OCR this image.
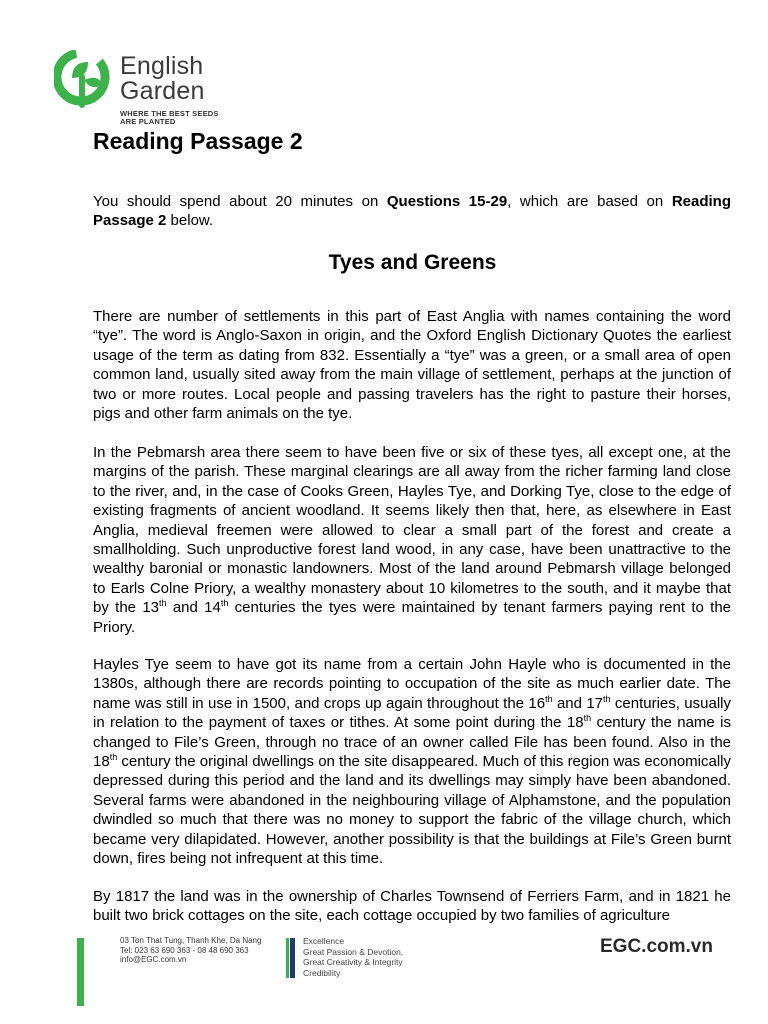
English
Garden
WHERE THE BEST SEEDS
ARE PLANTED
Reading Passage 2

You should spend about 20 minutes on Questions 15-29, which are based on Reading Passage 2 below.

Tyes and Greens

There are number of settlements in this part of East Anglia with names containing the word “tye”. The word is Anglo-Saxon in origin, and the Oxford English Dictionary Quotes the earliest usage of the term as dating from 832. Essentially a “tye” was a green, or a small area of open common land, usually sited away from the main village of settlement, perhaps at the junction of two or more routes. Local people and passing travelers has the right to pasture their horses, pigs and other farm animals on the tye.

In the Pebmarsh area there seem to have been five or six of these tyes, all except one, at the margins of the parish. These marginal clearings are all away from the richer farming land close to the river, and, in the case of Cooks Green, Hayles Tye, and Dorking Tye, close to the edge of existing fragments of ancient woodland. It seems likely then that, here, as elsewhere in East Anglia, medieval freemen were allowed to clear a small part of the forest and create a smallholding. Such unproductive forest land wood, in any case, have been unattractive to the wealthy baronial or monastic landowners. Most of the land around Pebmarsh village belonged to Earls Colne Priory, a wealthy monastery about 10 kilometres to the south, and it maybe that by the 13th and 14th centuries the tyes were maintained by tenant farmers paying rent to the Priory.

Hayles Tye seem to have got its name from a certain John Hayle who is documented in the 1380s, although there are records pointing to occupation of the site as much earlier date. The name was still in use in 1500, and crops up again throughout the 16th and 17th centuries, usually in relation to the payment of taxes or tithes. At some point during the 18th century the name is changed to File’s Green, through no trace of an owner called File has been found. Also in the 18th century the original dwellings on the site disappeared. Much of this region was economically depressed during this period and the land and its dwellings may simply have been abandoned. Several farms were abandoned in the neighbouring village of Alphamstone, and the population dwindled so much that there was no money to support the fabric of the village church, which became very dilapidated. However, another possibility is that the buildings at File’s Green burnt down, fires being not infrequent at this time.

By 1817 the land was in the ownership of Charles Townsend of Ferriers Farm, and in 1821 he built two brick cottages on the site, each cottage occupied by two families of agriculture

03 Ton That Tung, Thanh Khe, Da Nang
Tel: 023 63 690 363 - 08 48 690 363
info@EGC.com.vn
Excellence
Great Passion & Devotion,
Great Creativity & Integrity
Credibility
EGC.com.vn
